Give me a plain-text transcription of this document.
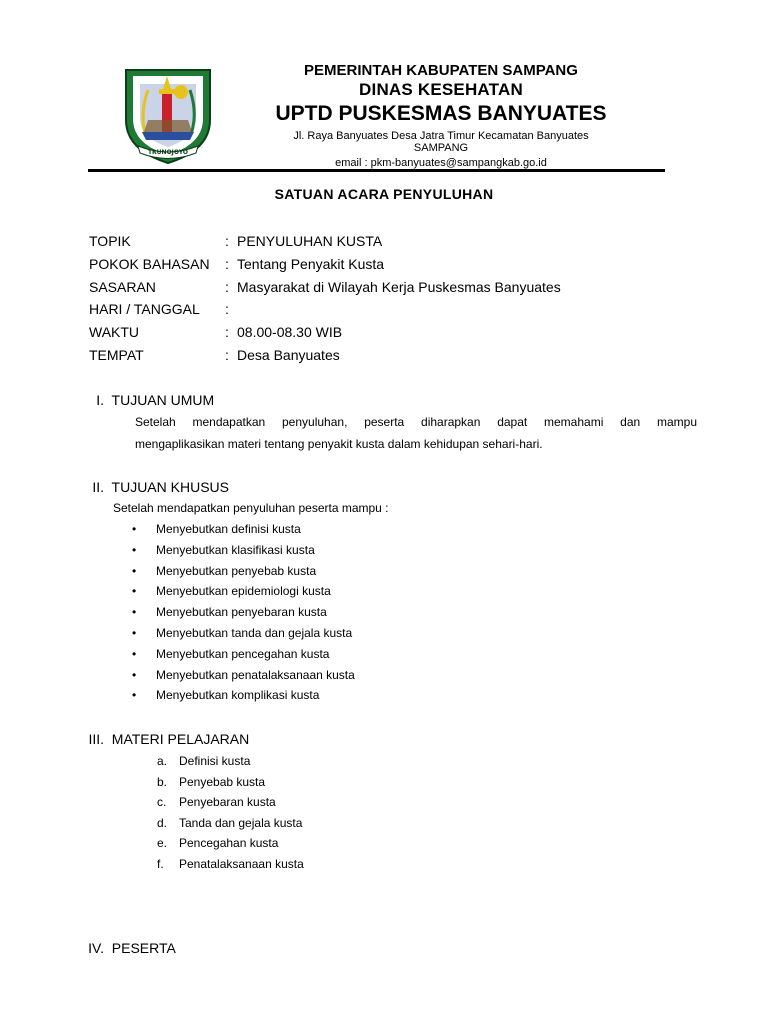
TRUNOJOYO
PEMERINTAH KABUPATEN SAMPANG
DINAS KESEHATAN
UPTD PUSKESMAS BANYUATES
Jl. Raya Banyuates Desa Jatra Timur Kecamatan Banyuates
SAMPANG
email : pkm-banyuates@sampangkab.go.id
SATUAN ACARA PENYULUHAN
TOPIK	: PENYULUHAN KUSTA
POKOK BAHASAN : Tentang Penyakit Kusta
SASARAN	: Masyarakat di Wilayah Kerja Puskesmas Banyuates
HARI / TANGGAL :
WAKTU	: 08.00-08.30 WIB
TEMPAT	: Desa Banyuates
I. TUJUAN UMUM
Setelah mendapatkan penyuluhan, peserta diharapkan dapat memahami dan mampu
mengaplikasikan materi tentang penyakit kusta dalam kehidupan sehari-hari.
II. TUJUAN KHUSUS
Setelah mendapatkan penyuluhan peserta mampu :
• Menyebutkan definisi kusta
• Menyebutkan klasifikasi kusta
• Menyebutkan penyebab kusta
• Menyebutkan epidemiologi kusta
• Menyebutkan penyebaran kusta
• Menyebutkan tanda dan gejala kusta
• Menyebutkan pencegahan kusta
• Menyebutkan penatalaksanaan kusta
• Menyebutkan komplikasi kusta
III. MATERI PELAJARAN
a. Definisi kusta
b. Penyebab kusta
c. Penyebaran kusta
d. Tanda dan gejala kusta
e. Pencegahan kusta
f. Penatalaksanaan kusta
IV. PESERTA
